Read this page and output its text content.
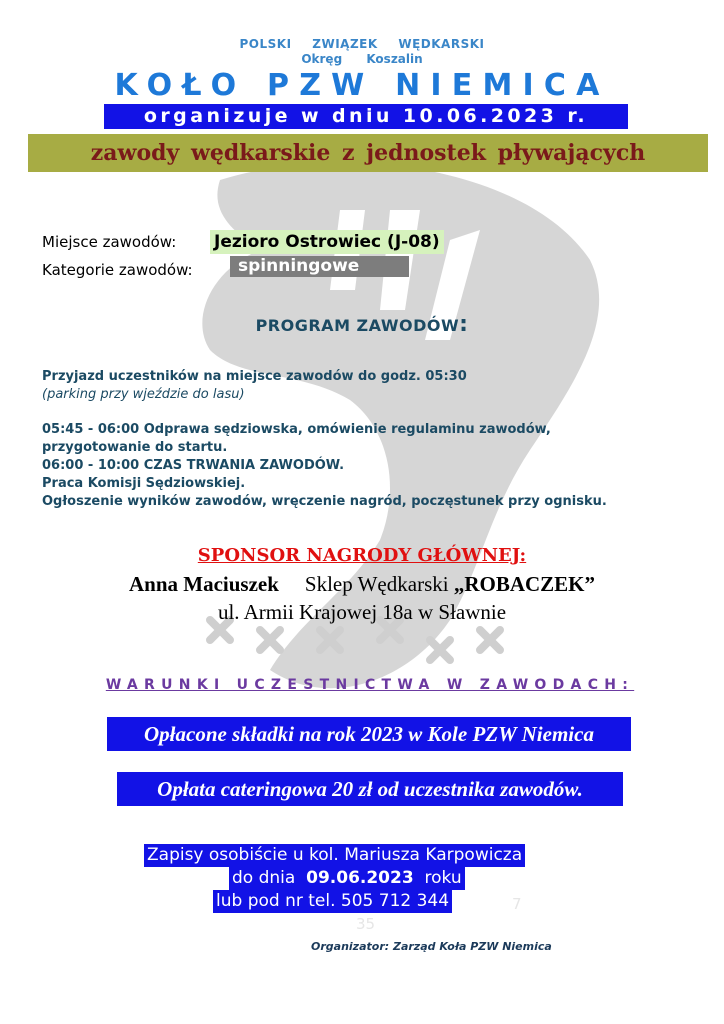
POLSKI ZWIĄZEK WĘDKARSKI
Okręg Koszalin
KOŁO PZW NIEMICA
organizuje w dniu 10.06.2023 r.
zawody wędkarskie z jednostek pływających
Miejsce zawodów: Jezioro Ostrowiec (J-08)
Kategorie zawodów:	spinningowe
PROGRAM ZAWODÓW:
Przyjazd uczestników na miejsce zawodów do godz. 05:30
(parking przy wjeździe do lasu)
05:45 - 06:00 Odprawa sędziowska, omówienie regulaminu zawodów,
przygotowanie do startu.
06:00 - 10:00 CZAS TRWANIA ZAWODÓW.
Praca Komisji Sędziowskiej.
Ogłoszenie wyników zawodów, wręczenie nagród, poczęstunek przy ognisku.
SPONSOR NAGRODY GŁÓWNEJ:
Anna Maciuszek Sklep Wędkarski „ROBACZEK”
ul. Armii Krajowej 18a w Sławnie
WARUNKI UCZESTNICTWA W ZAWODACH:
Opłacone składki na rok 2023 w Kole PZW Niemica
Opłata cateringowa 20 zł od uczestnika zawodów.
Zapisy osobiście u kol. Mariusza Karpowicza
do dnia 09.06.2023 roku
lub pod nr tel. 505 712 344	7
35
Organizator: Zarząd Koła PZW Niemica
